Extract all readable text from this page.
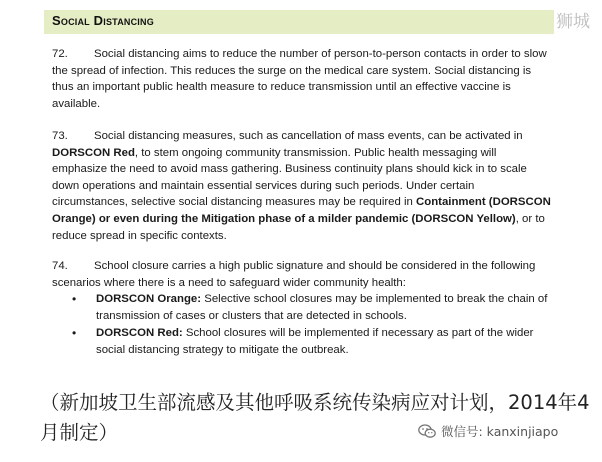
Social Distancing	狮城
72. Social distancing aims to reduce the number of person-to-person contacts in order to slow the spread of infection. This reduces the surge on the medical care system. Social distancing is thus an important public health measure to reduce transmission until an effective vaccine is available.
73. Social distancing measures, such as cancellation of mass events, can be activated in DORSCON Red, to stem ongoing community transmission. Public health messaging will emphasize the need to avoid mass gathering. Business continuity plans should kick in to scale down operations and maintain essential services during such periods. Under certain circumstances, selective social distancing measures may be required in Containment (DORSCON Orange) or even during the Mitigation phase of a milder pandemic (DORSCON Yellow), or to reduce spread in specific contexts.
74. School closure carries a high public signature and should be considered in the following scenarios where there is a need to safeguard wider community health:
• DORSCON Orange: Selective school closures may be implemented to break the chain of transmission of cases or clusters that are detected in schools.
• DORSCON Red: School closures will be implemented if necessary as part of the wider social distancing strategy to mitigate the outbreak.
（新加坡卫生部流感及其他呼吸系统传染病应对计划，2014年4月制定）	微信号: kanxinjiapo
